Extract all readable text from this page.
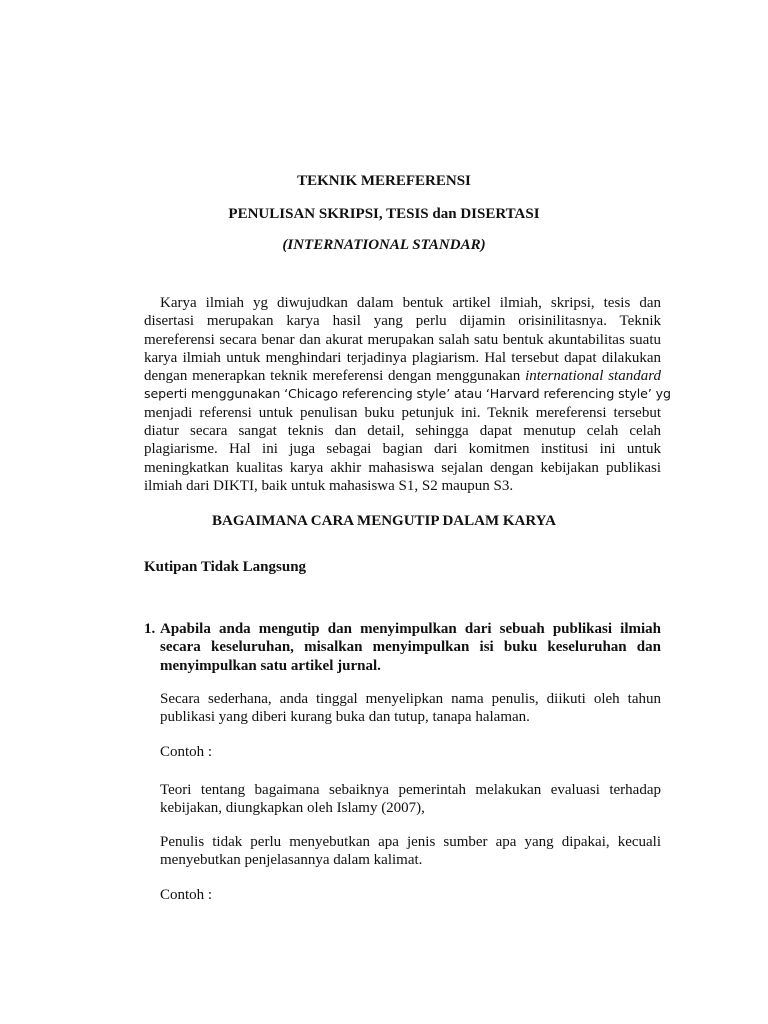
TEKNIK MEREFERENSI
PENULISAN SKRIPSI, TESIS dan DISERTASI
(INTERNATIONAL STANDAR)
Karya ilmiah yg diwujudkan dalam bentuk artikel ilmiah, skripsi, tesis dan
disertasi merupakan karya hasil yang perlu dijamin orisinilitasnya. Teknik
mereferensi secara benar dan akurat merupakan salah satu bentuk akuntabilitas suatu
karya ilmiah untuk menghindari terjadinya plagiarism. Hal tersebut dapat dilakukan
dengan menerapkan teknik mereferensi dengan menggunakan international standard
seperti menggunakan ‘Chicago referencing style’ atau ‘Harvard referencing style’ yg
menjadi referensi untuk penulisan buku petunjuk ini. Teknik mereferensi tersebut
diatur secara sangat teknis dan detail, sehingga dapat menutup celah celah
plagiarisme. Hal ini juga sebagai bagian dari komitmen institusi ini untuk
meningkatkan kualitas karya akhir mahasiswa sejalan dengan kebijakan publikasi
ilmiah dari DIKTI, baik untuk mahasiswa S1, S2 maupun S3.
BAGAIMANA CARA MENGUTIP DALAM KARYA
Kutipan Tidak Langsung
1. Apabila anda mengutip dan menyimpulkan dari sebuah publikasi ilmiah
secara keseluruhan, misalkan menyimpulkan isi buku keseluruhan dan
menyimpulkan satu artikel jurnal.
Secara sederhana, anda tinggal menyelipkan nama penulis, diikuti oleh tahun
publikasi yang diberi kurang buka dan tutup, tanapa halaman.
Contoh :
Teori tentang bagaimana sebaiknya pemerintah melakukan evaluasi terhadap
kebijakan, diungkapkan oleh Islamy (2007),
Penulis tidak perlu menyebutkan apa jenis sumber apa yang dipakai, kecuali
menyebutkan penjelasannya dalam kalimat.
Contoh :
